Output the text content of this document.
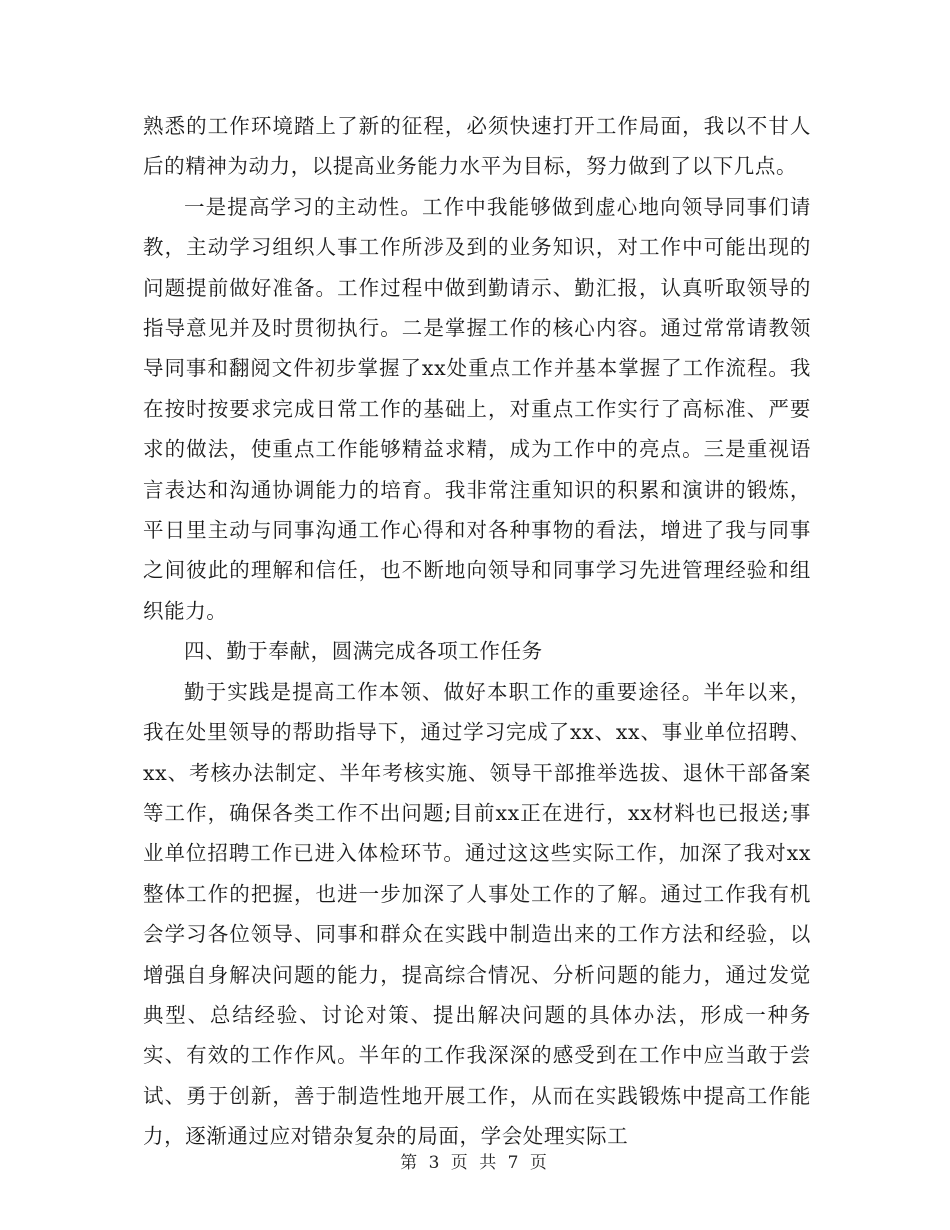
熟悉的工作环境踏上了新的征程，必须快速打开工作局面，我以不甘人后的精神为动力，以提高业务能力水平为目标，努力做到了以下几点。

一是提高学习的主动性。工作中我能够做到虚心地向领导同事们请教，主动学习组织人事工作所涉及到的业务知识，对工作中可能出现的问题提前做好准备。工作过程中做到勤请示、勤汇报，认真听取领导的指导意见并及时贯彻执行。二是掌握工作的核心内容。通过常常请教领导同事和翻阅文件初步掌握了xx处重点工作并基本掌握了工作流程。我在按时按要求完成日常工作的基础上，对重点工作实行了高标准、严要求的做法，使重点工作能够精益求精，成为工作中的亮点。三是重视语言表达和沟通协调能力的培育。我非常注重知识的积累和演讲的锻炼，平日里主动与同事沟通工作心得和对各种事物的看法，增进了我与同事之间彼此的理解和信任，也不断地向领导和同事学习先进管理经验和组织能力。

四、勤于奉献，圆满完成各项工作任务

勤于实践是提高工作本领、做好本职工作的重要途径。半年以来，我在处里领导的帮助指导下，通过学习完成了xx、xx、事业单位招聘、xx、考核办法制定、半年考核实施、领导干部推举选拔、退休干部备案等工作，确保各类工作不出问题;目前xx正在进行，xx材料也已报送;事业单位招聘工作已进入体检环节。通过这这些实际工作，加深了我对xx整体工作的把握，也进一步加深了人事处工作的了解。通过工作我有机会学习各位领导、同事和群众在实践中制造出来的工作方法和经验，以增强自身解决问题的能力，提高综合情况、分析问题的能力，通过发觉典型、总结经验、讨论对策、提出解决问题的具体办法，形成一种务实、有效的工作作风。半年的工作我深深的感受到在工作中应当敢于尝试、勇于创新，善于制造性地开展工作，从而在实践锻炼中提高工作能力，逐渐通过应对错杂复杂的局面，学会处理实际工

第 3 页 共 7 页
